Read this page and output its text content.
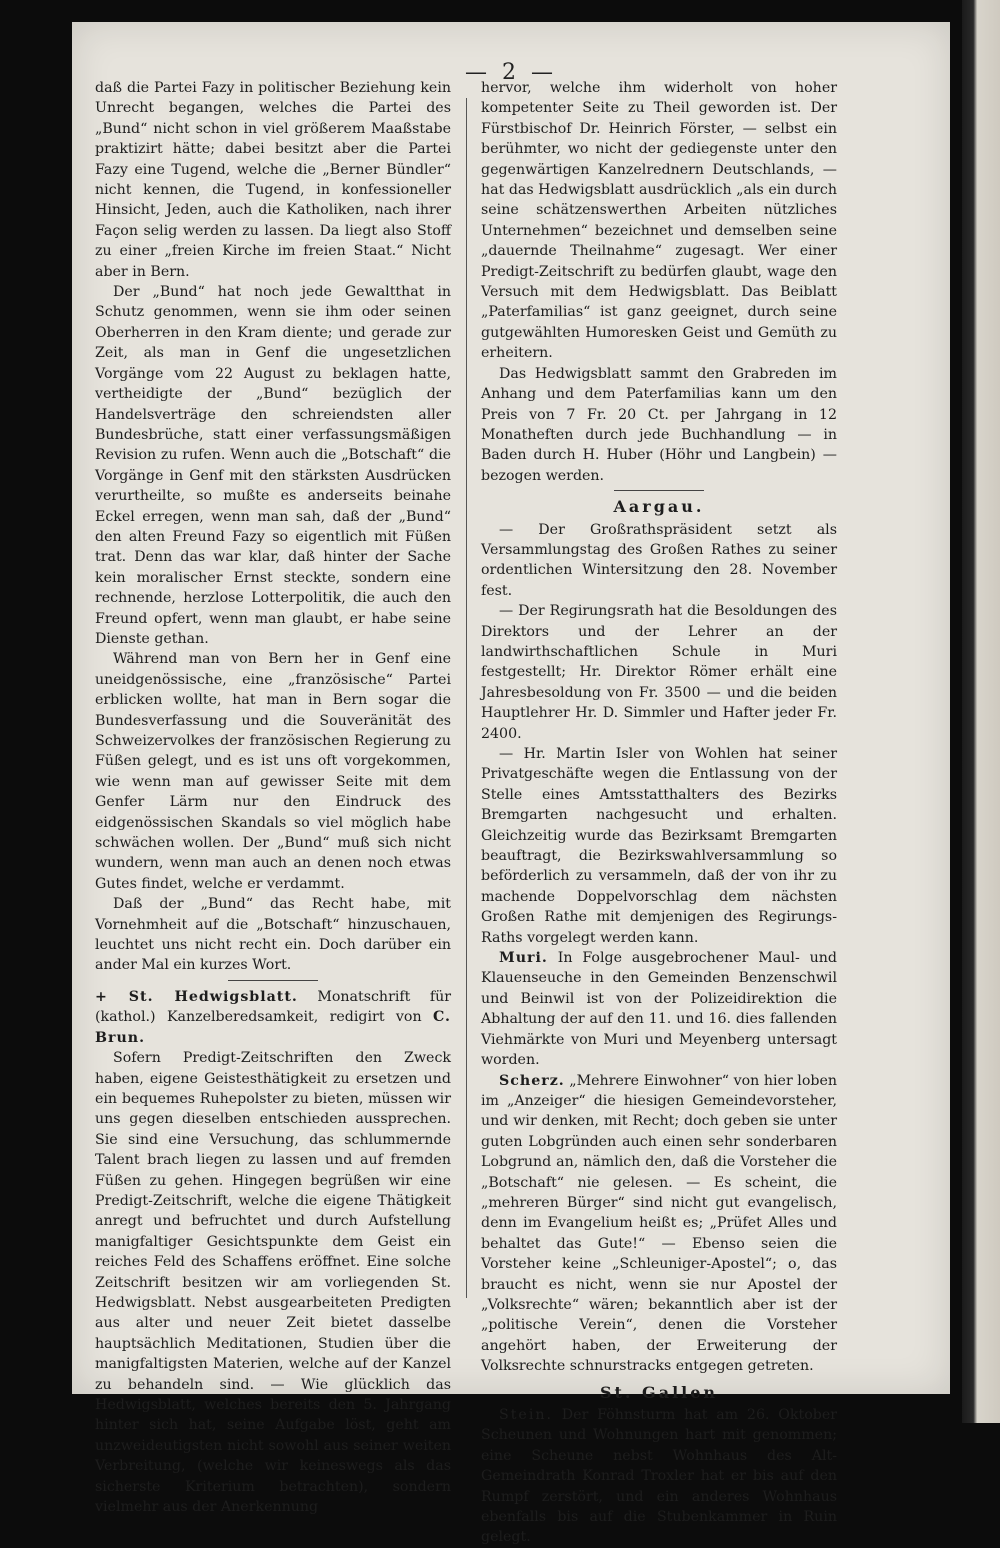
— 2 —

daß die Partei Fazy in politischer Beziehung kein Unrecht begangen, welches die Partei des „Bund“ nicht schon in viel größerem Maaßstabe praktizirt hätte; dabei besitzt aber die Partei Fazy eine Tugend, welche die „Berner Bündler“ nicht kennen, die Tugend, in konfessioneller Hinsicht, Jeden, auch die Katholiken, nach ihrer Façon selig werden zu lassen. Da liegt also Stoff zu einer „freien Kirche im freien Staat.“ Nicht aber in Bern.

Der „Bund“ hat noch jede Gewaltthat in Schutz genommen, wenn sie ihm oder seinen Oberherren in den Kram diente; und gerade zur Zeit, als man in Genf die ungesetzlichen Vorgänge vom 22 August zu beklagen hatte, vertheidigte der „Bund“ bezüglich der Handelsverträge den schreiendsten aller Bundesbrüche, statt einer verfassungsmäßigen Revision zu rufen. Wenn auch die „Botschaft“ die Vorgänge in Genf mit den stärksten Ausdrücken verurtheilte, so mußte es anderseits beinahe Eckel erregen, wenn man sah, daß der „Bund“ den alten Freund Fazy so eigentlich mit Füßen trat. Denn das war klar, daß hinter der Sache kein moralischer Ernst steckte, sondern eine rechnende, herzlose Lotterpolitik, die auch den Freund opfert, wenn man glaubt, er habe seine Dienste gethan.

Während man von Bern her in Genf eine uneidgenössische, eine „französische“ Partei erblicken wollte, hat man in Bern sogar die Bundesverfassung und die Souveränität des Schweizervolkes der französischen Regierung zu Füßen gelegt, und es ist uns oft vorgekommen, wie wenn man auf gewisser Seite mit dem Genfer Lärm nur den Eindruck des eidgenössischen Skandals so viel möglich habe schwächen wollen. Der „Bund“ muß sich nicht wundern, wenn man auch an denen noch etwas Gutes findet, welche er verdammt.

Daß der „Bund“ das Recht habe, mit Vornehmheit auf die „Botschaft“ hinzuschauen, leuchtet uns nicht recht ein. Doch darüber ein ander Mal ein kurzes Wort.

+ St. Hedwigsblatt. Monatschrift für (kathol.) Kanzelberedsamkeit, redigirt von C. Brun.

Sofern Predigt-Zeitschriften den Zweck haben, eigene Geistesthätigkeit zu ersetzen und ein bequemes Ruhepolster zu bieten, müssen wir uns gegen dieselben entschieden aussprechen. Sie sind eine Versuchung, das schlummernde Talent brach liegen zu lassen und auf fremden Füßen zu gehen. Hingegen begrüßen wir eine Predigt-Zeitschrift, welche die eigene Thätigkeit anregt und befruchtet und durch Aufstellung manigfaltiger Gesichtspunkte dem Geist ein reiches Feld des Schaffens eröffnet. Eine solche Zeitschrift besitzen wir am vorliegenden St. Hedwigsblatt. Nebst ausgearbeiteten Predigten aus alter und neuer Zeit bietet dasselbe hauptsächlich Meditationen, Studien über die manigfaltigsten Materien, welche auf der Kanzel zu behandeln sind. — Wie glücklich das Hedwigsblatt, welches bereits den 5. Jahrgang hinter sich hat, seine Aufgabe löst, geht am unzweideutigsten nicht sowohl aus seiner weiten Verbreitung, (welche wir keineswegs als das sicherste Kriterium betrachten), sondern vielmehr aus der Anerkennung

hervor, welche ihm widerholt von hoher kompetenter Seite zu Theil geworden ist. Der Fürstbischof Dr. Heinrich Förster, — selbst ein berühmter, wo nicht der gediegenste unter den gegenwärtigen Kanzelrednern Deutschlands, — hat das Hedwigsblatt ausdrücklich „als ein durch seine schätzenswerthen Arbeiten nützliches Unternehmen“ bezeichnet und demselben seine „dauernde Theilnahme“ zugesagt. Wer einer Predigt-Zeitschrift zu bedürfen glaubt, wage den Versuch mit dem Hedwigsblatt. Das Beiblatt „Paterfamilias“ ist ganz geeignet, durch seine gutgewählten Humoresken Geist und Gemüth zu erheitern.

Das Hedwigsblatt sammt den Grabreden im Anhang und dem Paterfamilias kann um den Preis von 7 Fr. 20 Ct. per Jahrgang in 12 Monatheften durch jede Buchhandlung — in Baden durch H. Huber (Höhr und Langbein) — bezogen werden.

Aargau.

— Der Großrathspräsident setzt als Versammlungstag des Großen Rathes zu seiner ordentlichen Wintersitzung den 28. November fest.

— Der Regirungsrath hat die Besoldungen des Direktors und der Lehrer an der landwirthschaftlichen Schule in Muri festgestellt; Hr. Direktor Römer erhält eine Jahresbesoldung von Fr. 3500 — und die beiden Hauptlehrer Hr. D. Simmler und Hafter jeder Fr. 2400.

— Hr. Martin Isler von Wohlen hat seiner Privatgeschäfte wegen die Entlassung von der Stelle eines Amtsstatthalters des Bezirks Bremgarten nachgesucht und erhalten. Gleichzeitig wurde das Bezirksamt Bremgarten beauftragt, die Bezirkswahlversammlung so beförderlich zu versammeln, daß der von ihr zu machende Doppelvorschlag dem nächsten Großen Rathe mit demjenigen des Regirungs-Raths vorgelegt werden kann.

Muri. In Folge ausgebrochener Maul- und Klauenseuche in den Gemeinden Benzenschwil und Beinwil ist von der Polizeidirektion die Abhaltung der auf den 11. und 16. dies fallenden Viehmärkte von Muri und Meyenberg untersagt worden.

Scherz. „Mehrere Einwohner“ von hier loben im „Anzeiger“ die hiesigen Gemeindevorsteher, und wir denken, mit Recht; doch geben sie unter guten Lobgründen auch einen sehr sonderbaren Lobgrund an, nämlich den, daß die Vorsteher die „Botschaft“ nie gelesen. — Es scheint, die „mehreren Bürger“ sind nicht gut evangelisch, denn im Evangelium heißt es; „Prüfet Alles und behaltet das Gute!“ — Ebenso seien die Vorsteher keine „Schleuniger-Apostel“; o, das braucht es nicht, wenn sie nur Apostel der „Volksrechte“ wären; bekanntlich aber ist der „politische Verein“, denen die Vorsteher angehört haben, der Erweiterung der Volksrechte schnurstracks entgegen getreten.

St. Gallen

Stein. Der Föhnsturm hat am 26. Oktober Scheunen und Wohnungen hart mit genommen; eine Scheune nebst Wohnhaus des Alt-Gemeindrath Konrad Troxler hat er bis auf den Rumpf zerstört, und ein anderes Wohnhaus ebenfalls bis auf die Stubenkammer in Ruin gelegt.
